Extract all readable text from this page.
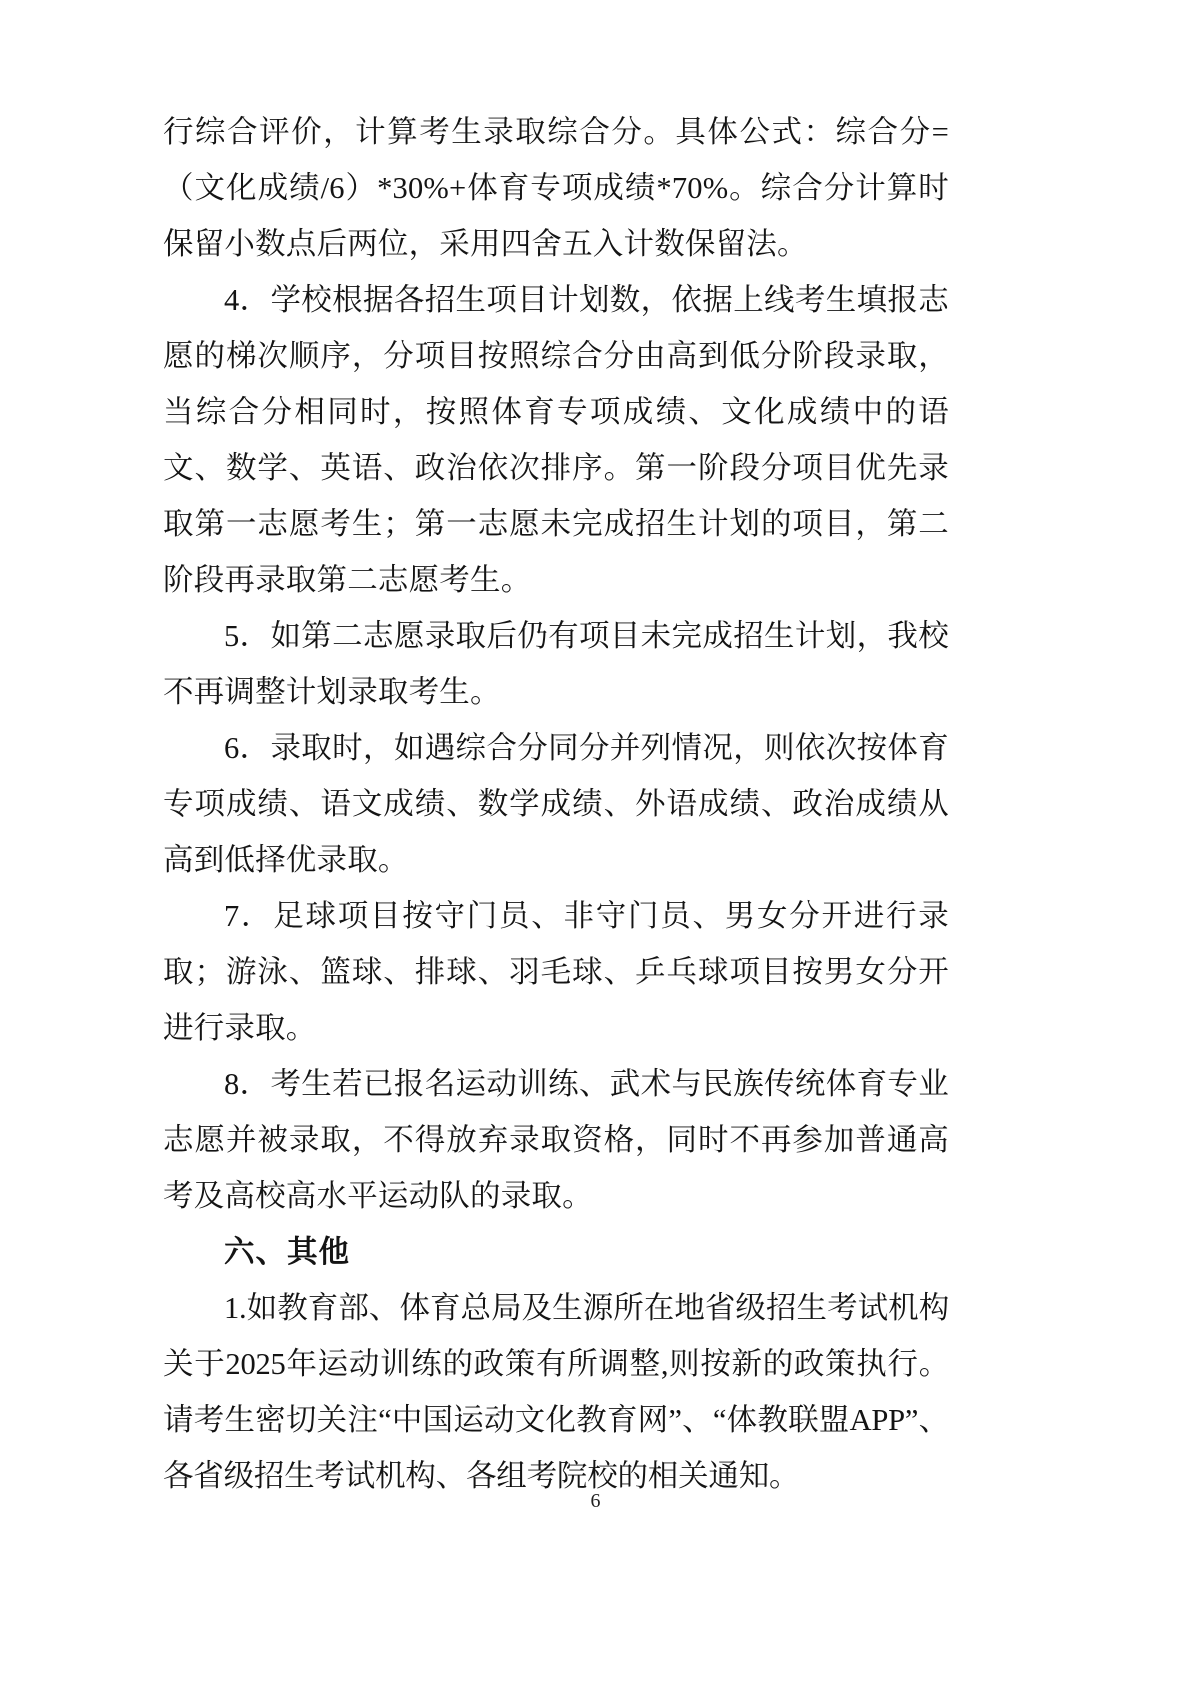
行综合评价，计算考生录取综合分。具体公式：综合分=（文化成绩/6）*30%+体育专项成绩*70%。综合分计算时保留小数点后两位，采用四舍五入计数保留法。

4．学校根据各招生项目计划数，依据上线考生填报志愿的梯次顺序，分项目按照综合分由高到低分阶段录取，当综合分相同时，按照体育专项成绩、文化成绩中的语文、数学、英语、政治依次排序。第一阶段分项目优先录取第一志愿考生；第一志愿未完成招生计划的项目，第二阶段再录取第二志愿考生。

5．如第二志愿录取后仍有项目未完成招生计划，我校不再调整计划录取考生。

6．录取时，如遇综合分同分并列情况，则依次按体育专项成绩、语文成绩、数学成绩、外语成绩、政治成绩从高到低择优录取。

7．足球项目按守门员、非守门员、男女分开进行录取；游泳、篮球、排球、羽毛球、乒乓球项目按男女分开进行录取。

8．考生若已报名运动训练、武术与民族传统体育专业志愿并被录取，不得放弃录取资格，同时不再参加普通高考及高校高水平运动队的录取。

六、其他

1.如教育部、体育总局及生源所在地省级招生考试机构关于2025年运动训练的政策有所调整,则按新的政策执行。请考生密切关注“中国运动文化教育网”、“体教联盟APP”、各省级招生考试机构、各组考院校的相关通知。

6
